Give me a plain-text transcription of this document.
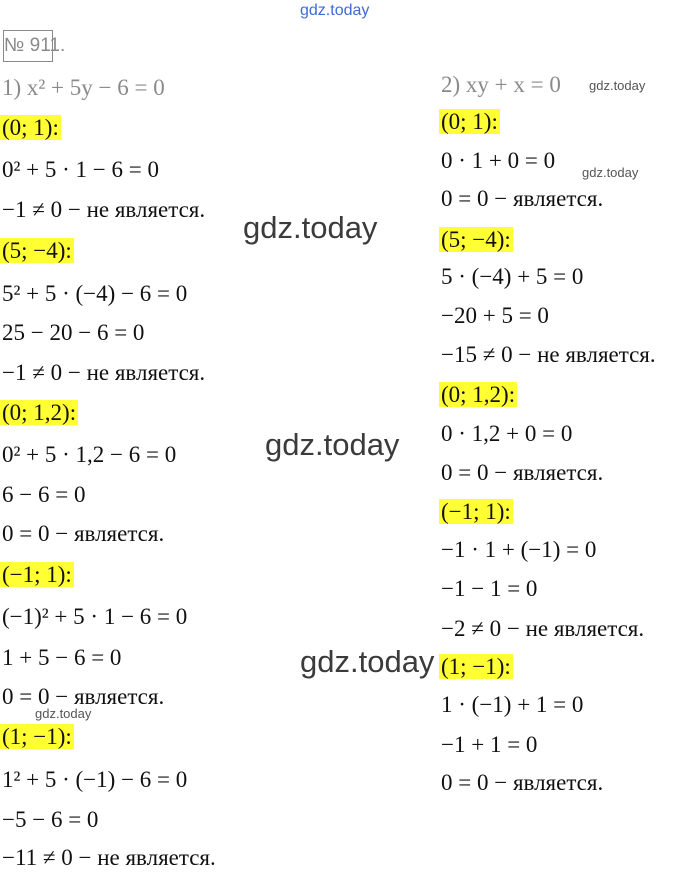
gdz.today
№ 911.
1) x² + 5y − 6 = 0
(0; 1):
0² + 5 · 1 − 6 = 0
−1 ≠ 0 − не является.
(5; −4):
5² + 5 · (−4) − 6 = 0
25 − 20 − 6 = 0
−1 ≠ 0 − не является.
(0; 1,2):
0² + 5 · 1,2 − 6 = 0
6 − 6 = 0
0 = 0 − является.
(−1; 1):
(−1)² + 5 · 1 − 6 = 0
1 + 5 − 6 = 0
0 = 0 − является.
(1; −1):
1² + 5 · (−1) − 6 = 0
−5 − 6 = 0
−11 ≠ 0 − не является.
2) xy + x = 0 gdz.today
(0; 1):
0 · 1 + 0 = 0 gdz.today
0 = 0 − является.
(5; −4):
5 · (−4) + 5 = 0
−20 + 5 = 0
−15 ≠ 0 − не является.
(0; 1,2):
0 · 1,2 + 0 = 0
0 = 0 − является.
(−1; 1):
−1 · 1 + (−1) = 0
−1 − 1 = 0
−2 ≠ 0 − не является.
(1; −1):
1 · (−1) + 1 = 0
−1 + 1 = 0
0 = 0 − является.
gdz.today
gdz.today
gdz.today
gdz.today
